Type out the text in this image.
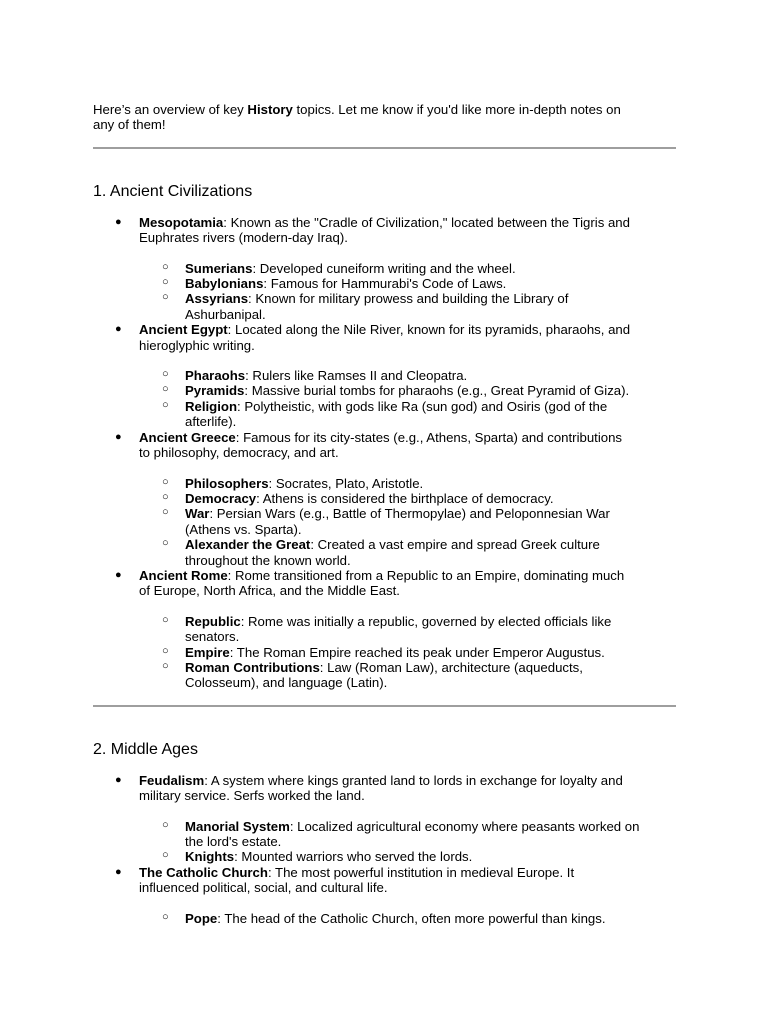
Here’s an overview of key History topics. Let me know if you'd like more in-depth notes on
any of them!
1. Ancient Civilizations
● Mesopotamia: Known as the "Cradle of Civilization," located between the Tigris and
Euphrates rivers (modern-day Iraq).
○ Sumerians: Developed cuneiform writing and the wheel.
○ Babylonians: Famous for Hammurabi's Code of Laws.
○ Assyrians: Known for military prowess and building the Library of
Ashurbanipal.
● Ancient Egypt: Located along the Nile River, known for its pyramids, pharaohs, and
hieroglyphic writing.
○ Pharaohs: Rulers like Ramses II and Cleopatra.
○ Pyramids: Massive burial tombs for pharaohs (e.g., Great Pyramid of Giza).
○ Religion: Polytheistic, with gods like Ra (sun god) and Osiris (god of the
afterlife).
● Ancient Greece: Famous for its city-states (e.g., Athens, Sparta) and contributions
to philosophy, democracy, and art.
○ Philosophers: Socrates, Plato, Aristotle.
○ Democracy: Athens is considered the birthplace of democracy.
○ War: Persian Wars (e.g., Battle of Thermopylae) and Peloponnesian War
(Athens vs. Sparta).
○ Alexander the Great: Created a vast empire and spread Greek culture
throughout the known world.
● Ancient Rome: Rome transitioned from a Republic to an Empire, dominating much
of Europe, North Africa, and the Middle East.
○ Republic: Rome was initially a republic, governed by elected officials like
senators.
○ Empire: The Roman Empire reached its peak under Emperor Augustus.
○ Roman Contributions: Law (Roman Law), architecture (aqueducts,
Colosseum), and language (Latin).
2. Middle Ages
● Feudalism: A system where kings granted land to lords in exchange for loyalty and
military service. Serfs worked the land.
○ Manorial System: Localized agricultural economy where peasants worked on
the lord's estate.
○ Knights: Mounted warriors who served the lords.
● The Catholic Church: The most powerful institution in medieval Europe. It
influenced political, social, and cultural life.
○ Pope: The head of the Catholic Church, often more powerful than kings.
